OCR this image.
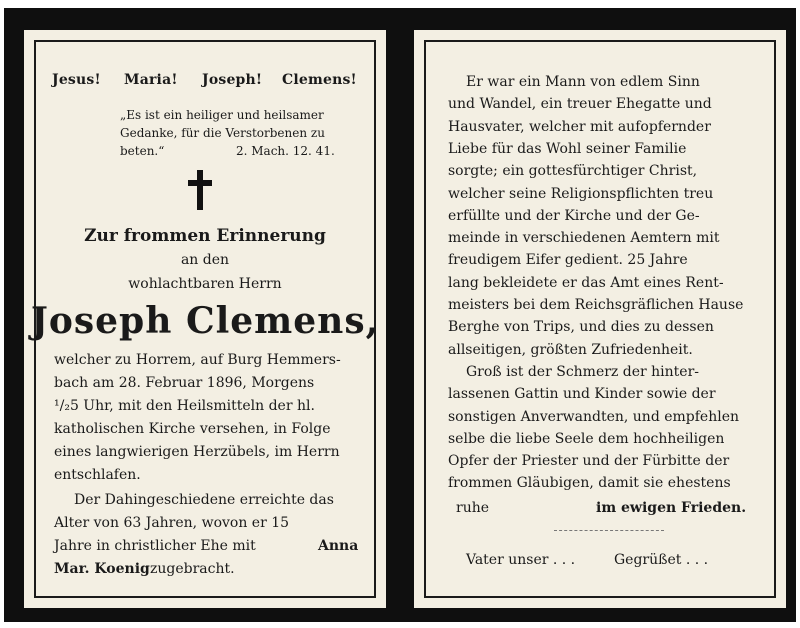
Jesus! Maria! Joseph! Clemens!
„Es ist ein heiliger und heilsamer
Gedanke, für die Verstorbenen zu
beten.“	2. Mach. 12. 41.
Zur frommen Erinnerung
an den
wohlachtbaren Herrn
Joseph Clemens,
welcher zu Horrem, auf Burg Hemmers-
bach am 28. Februar 1896, Morgens
¹/₂5 Uhr, mit den Heilsmitteln der hl.
katholischen Kirche versehen, in Folge
eines langwierigen Herzübels, im Herrn
entschlafen.
Der Dahingeschiedene erreichte das
Alter von 63 Jahren, wovon er 15
Jahre in christlicher Ehe mit	Anna
Mar. Koenig zugebracht.
Er war ein Mann von edlem Sinn
und Wandel, ein treuer Ehegatte und
Hausvater, welcher mit aufopfernder
Liebe für das Wohl seiner Familie
sorgte; ein gottesfürchtiger Christ,
welcher seine Religionspflichten treu
erfüllte und der Kirche und der Ge-
meinde in verschiedenen Aemtern mit
freudigem Eifer gedient. 25 Jahre
lang bekleidete er das Amt eines Rent-
meisters bei dem Reichsgräflichen Hause
Berghe von Trips, und dies zu dessen
allseitigen, größten Zufriedenheit.
Groß ist der Schmerz der hinter-
lassenen Gattin und Kinder sowie der
sonstigen Anverwandten, und empfehlen
selbe die liebe Seele dem hochheiligen
Opfer der Priester und der Fürbitte der
frommen Gläubigen, damit sie ehestens
ruhe	im ewigen Frieden.
Vater unser . . .	Gegrüßet . . .
